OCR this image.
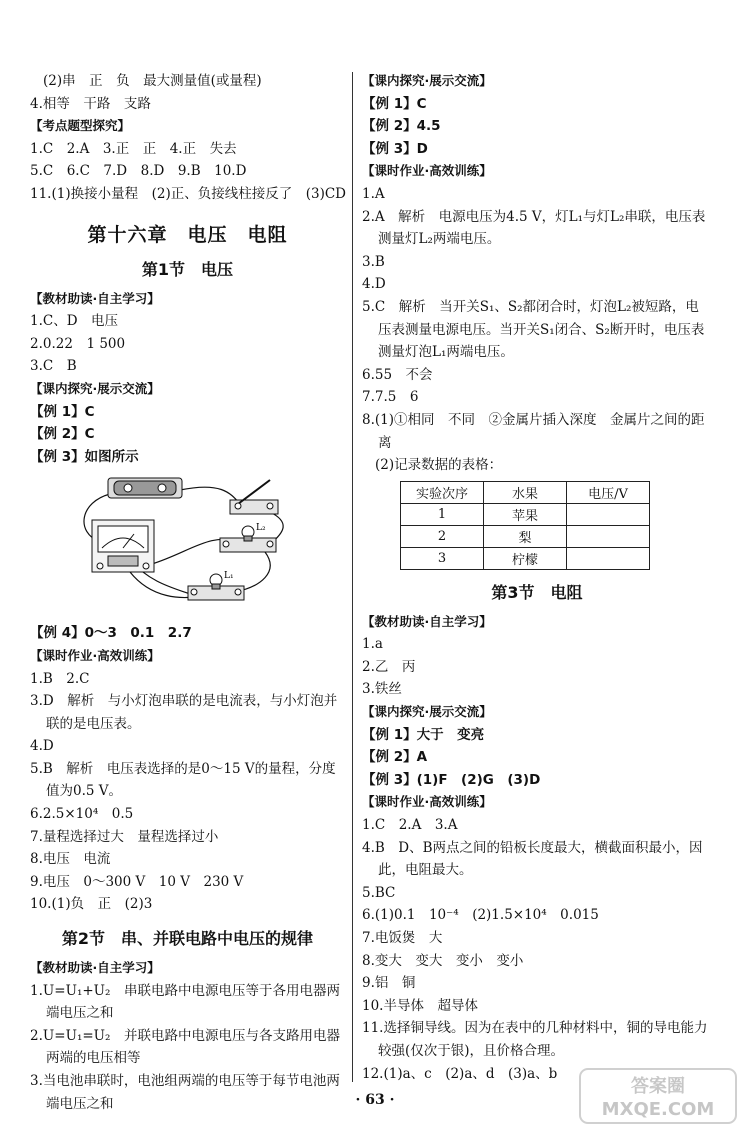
(2)串　正　负　最大测量值(或量程)
4.相等　干路　支路
【考点题型探究】
1.C　2.A　3.正　正　4.正　失去
5.C　6.C　7.D　8.D　9.B　10.D
11.(1)换接小量程　(2)正、负接线柱接反了　(3)CD
第十六章　电压　电阻
第1节　电压
【教材助读·自主学习】
1.C、D　电压
2.0.22　1 500
3.C　B
【课内探究·展示交流】
【例 1】C
【例 2】C
【例 3】如图所示
L₂
L₁
【例 4】0～3　0.1　2.7
【课时作业·高效训练】
1.B　2.C
3.D　解析　与小灯泡串联的是电流表，与小灯泡并联的是电压表。
4.D
5.B　解析　电压表选择的是0～15 V的量程，分度值为0.5 V。
6.2.5×10⁴　0.5
7.量程选择过大　量程选择过小
8.电压　电流
9.电压　0～300 V　10 V　230 V
10.(1)负　正　(2)3
第2节　串、并联电路中电压的规律
【教材助读·自主学习】
1.U=U₁+U₂　串联电路中电源电压等于各用电器两端电压之和
2.U=U₁=U₂　并联电路中电源电压与各支路用电器两端的电压相等
3.当电池串联时，电池组两端的电压等于每节电池两端电压之和
【课内探究·展示交流】
【例 1】C
【例 2】4.5
【例 3】D
【课时作业·高效训练】
1.A
2.A　解析　电源电压为4.5 V，灯L₁与灯L₂串联，电压表测量灯L₂两端电压。
3.B
4.D
5.C　解析　当开关S₁、S₂都闭合时，灯泡L₂被短路，电压表测量电源电压。当开关S₁闭合、S₂断开时，电压表测量灯泡L₁两端电压。
6.55　不会
7.7.5　6
8.(1)①相同　不同　②金属片插入深度　金属片之间的距离
(2)记录数据的表格：
实验次序	水果	电压/V
1	苹果	
2	梨	
3	柠檬	
第3节　电阻
【教材助读·自主学习】
1.a
2.乙　丙
3.铁丝
【课内探究·展示交流】
【例 1】大于　变亮
【例 2】A
【例 3】(1)F　(2)G　(3)D
【课时作业·高效训练】
1.C　2.A　3.A
4.B　D、B两点之间的铅板长度最大，横截面积最小，因此，电阻最大。
5.BC
6.(1)0.1　10⁻⁴　(2)1.5×10⁴　0.015
7.电饭煲　大
8.变大　变大　变小　变小
9.铝　铜
10.半导体　超导体
11.选择铜导线。因为在表中的几种材料中，铜的导电能力较强(仅次于银)，且价格合理。
12.(1)a、c　(2)a、d　(3)a、b
· 63 ·
答案圈
MXQE.COM
